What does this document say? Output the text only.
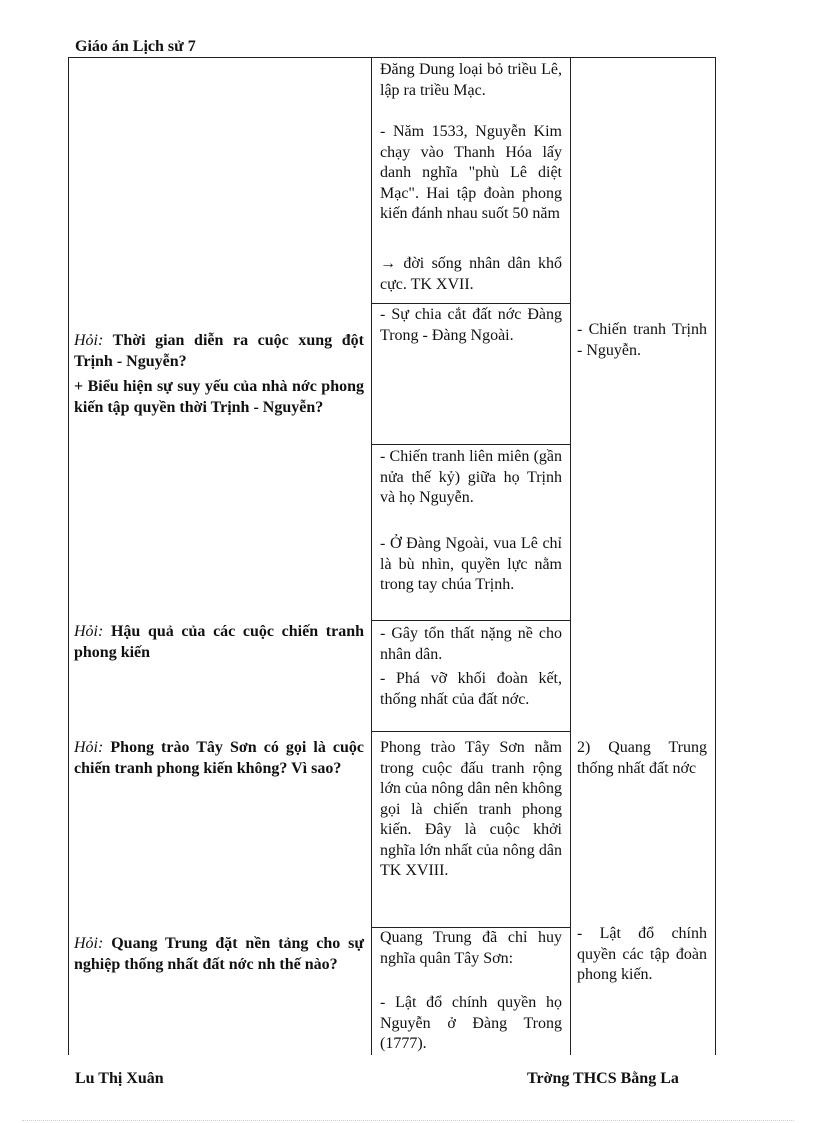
Giáo án Lịch sử 7
Đăng Dung loại bỏ triều Lê, lập ra triều Mạc.
- Năm 1533, Nguyễn Kim chạy vào Thanh Hóa lấy danh nghĩa "phù Lê diệt Mạc". Hai tập đoàn phong kiến đánh nhau suốt 50 năm
→ đời sống nhân dân khổ cực. TK XVII.
- Sự chia cắt đất nớc Đàng Trong - Đàng Ngoài.
- Chiến tranh liên miên (gần nửa thế kỷ) giữa họ Trịnh và họ Nguyễn.
- Ở Đàng Ngoài, vua Lê chỉ là bù nhìn, quyền lực nằm trong tay chúa Trịnh.
- Gây tổn thất nặng nề cho nhân dân.
- Phá vỡ khối đoàn kết, thống nhất của đất nớc.
Phong trào Tây Sơn nằm trong cuộc đấu tranh rộng lớn của nông dân nên không gọi là chiến tranh phong kiến. Đây là cuộc khởi nghĩa lớn nhất của nông dân TK XVIII.
Quang Trung đã chỉ huy nghĩa quân Tây Sơn:
- Lật đổ chính quyền họ Nguyễn ở Đàng Trong (1777).
Hỏi: Thời gian diễn ra cuộc xung đột Trịnh - Nguyễn?
+ Biểu hiện sự suy yếu của nhà nớc phong kiến tập quyền thời Trịnh - Nguyễn?
Hỏi: Hậu quả của các cuộc chiến tranh phong kiến
Hỏi: Phong trào Tây Sơn có gọi là cuộc chiến tranh phong kiến không? Vì sao?
Hỏi: Quang Trung đặt nền tảng cho sự nghiệp thống nhất đất nớc nh thế nào?
- Chiến tranh Trịnh - Nguyễn.
2) Quang Trung thống nhất đất nớc
- Lật đổ chính quyền các tập đoàn phong kiến.
Lu Thị Xuân	Trờng THCS Bằng La
